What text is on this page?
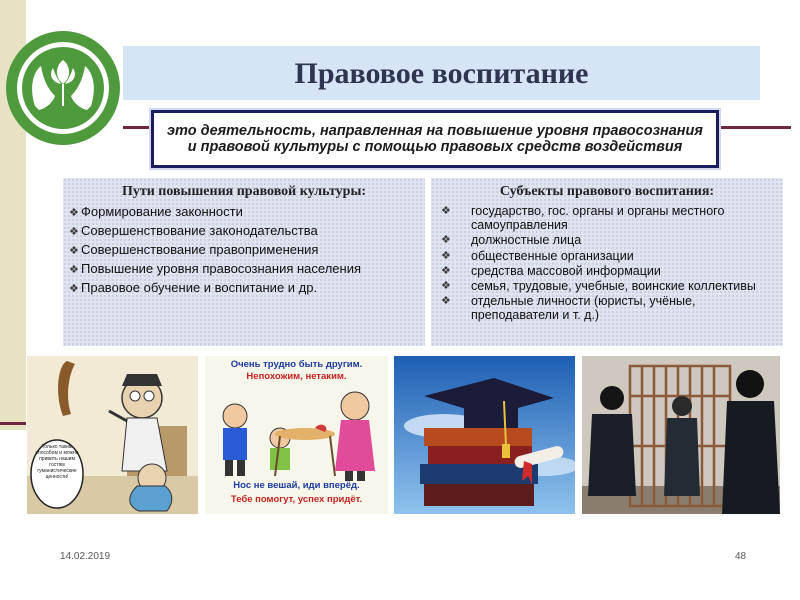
Правовое воспитание
это деятельность, направленная на повышение уровня правосознания и правовой культуры с помощью правовых средств воздействия
Пути повышения правовой культуры:
❖ Формирование законности
❖ Совершенствование законодательства
❖ Совершенствование правоприменения
❖ Повышение уровня правосознания населения
❖ Правовое обучение и воспитание и др.
Субъекты правового воспитания:
❖ государство, гос. органы и органы местного самоуправления
❖ должностные лица
❖ общественные организации
❖ средства массовой информации
❖ семья, трудовые, учебные, воинские коллективы
❖ отдельные личности (юристы, учёные, преподаватели и т. д.)
Только таким способом и можно привить нашим гостям гуманистические ценности!
Очень трудно быть другим.
Непохожим, нетаким.
Нос не вешай, иди вперёд.
Тебе помогут, успех придёт.
14.02.2019	48
